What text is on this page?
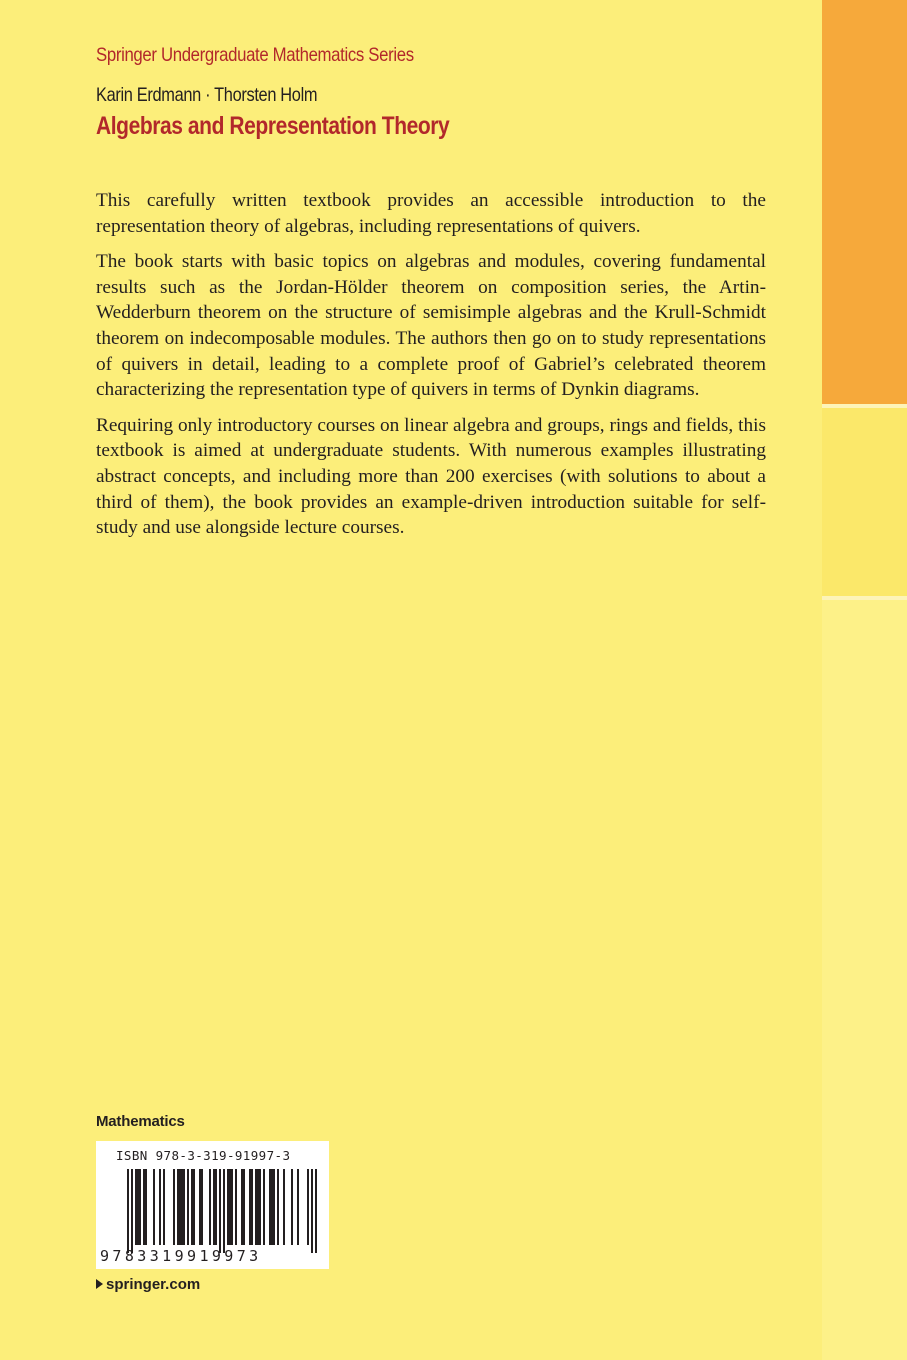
Springer Undergraduate Mathematics Series
Karin Erdmann · Thorsten Holm
Algebras and Representation Theory

This carefully written textbook provides an accessible introduction to the representation theory of algebras, including representations of quivers.

The book starts with basic topics on algebras and modules, covering fundamental results such as the Jordan-Hölder theorem on composition series, the Artin-Wedderburn theorem on the structure of semisimple algebras and the Krull-Schmidt theorem on indecomposable modules. The authors then go on to study representations of quivers in detail, leading to a complete proof of Gabriel’s celebrated theorem characterizing the representation type of quivers in terms of Dynkin diagrams.

Requiring only introductory courses on linear algebra and groups, rings and fields, this textbook is aimed at undergraduate students. With numerous examples illustrating abstract concepts, and including more than 200 exercises (with solutions to about a third of them), the book provides an example-driven introduction suitable for self-study and use alongside lecture courses.

Mathematics
ISBN 978-3-319-91997-3
9783319919973
springer.com
